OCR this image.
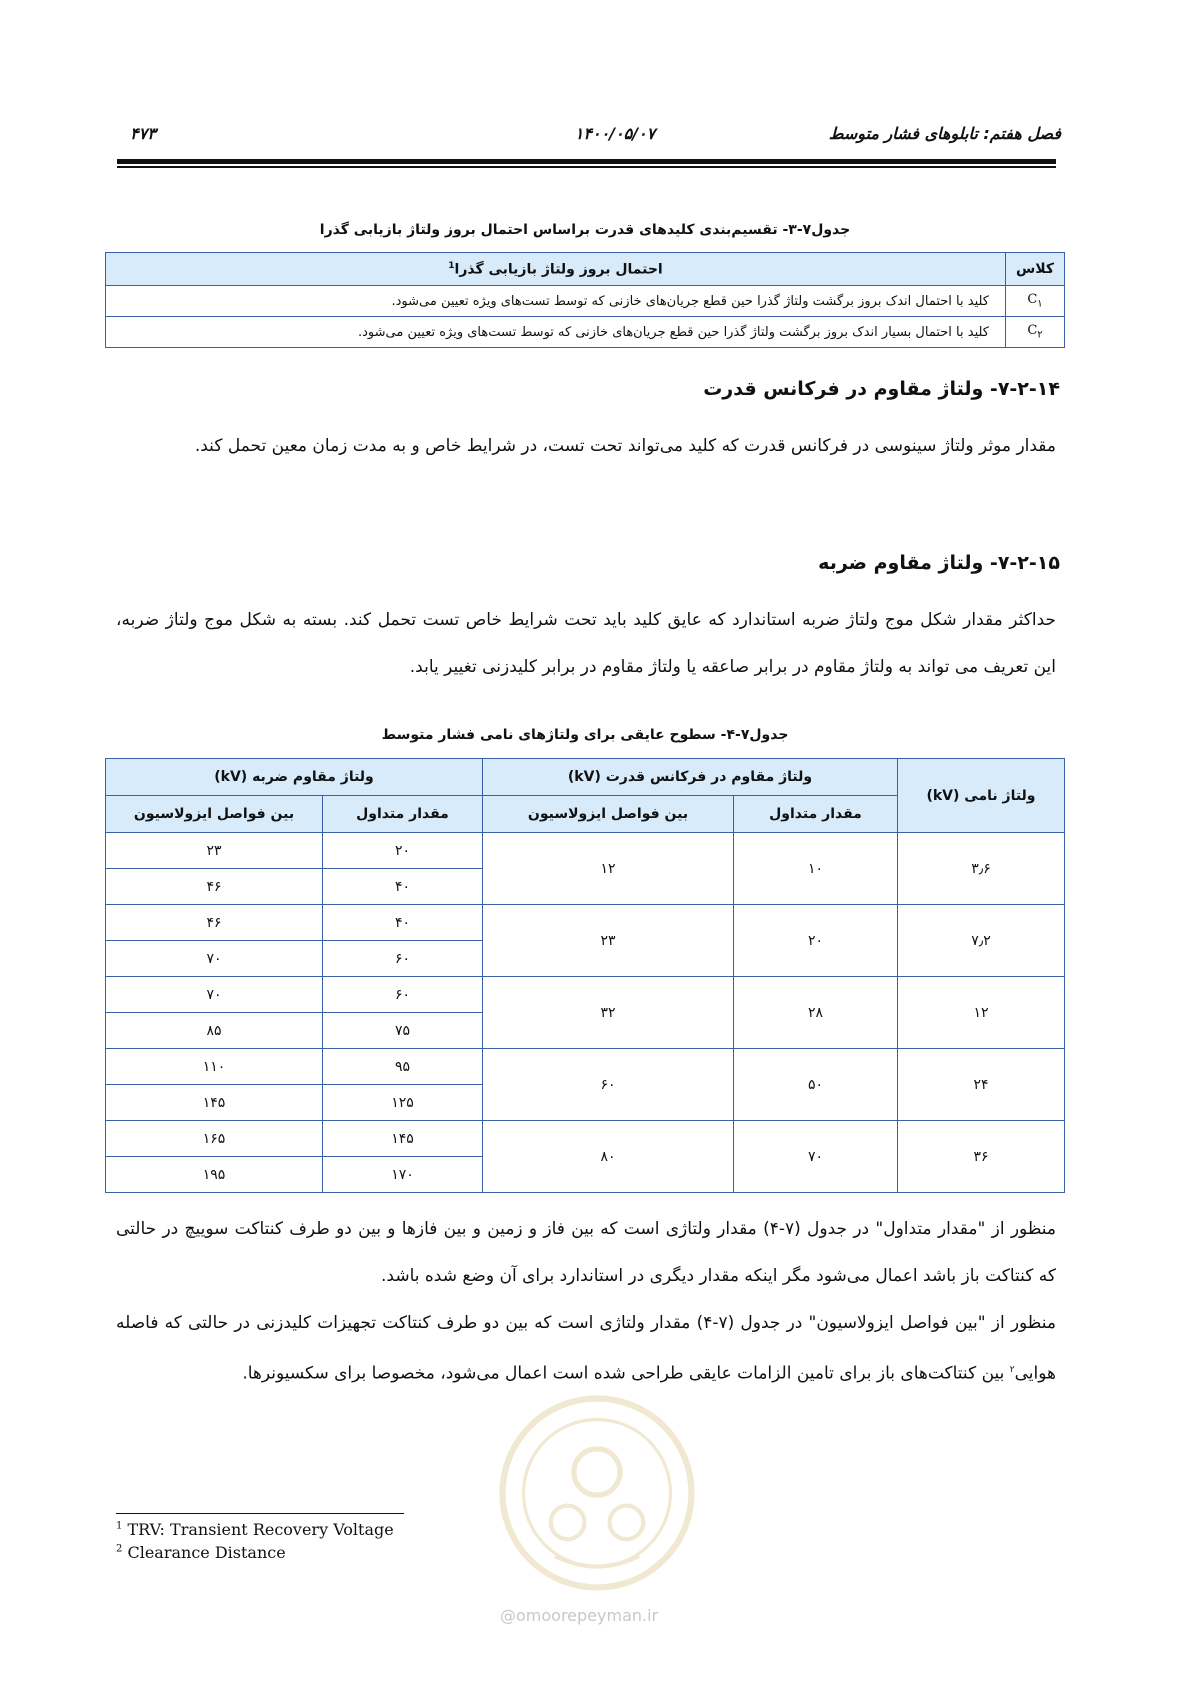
۴۷۳	۱۴۰۰/۰۵/۰۷	فصل هفتم: تابلوهای فشار متوسط
جدول۷-۳- تقسیم‌بندی کلیدهای قدرت براساس احتمال بروز ولتاژ بازیابی گذرا
کلاس	احتمال بروز ولتاژ بازیابی گذرا$^1$
$C_۱$	کلید با احتمال اندک بروز برگشت ولتاژ گذرا حین قطع جریان‌های خازنی که توسط تست‌های ویژه تعیین می‌شود.
$C_۲$	کلید با احتمال بسیار اندک بروز برگشت ولتاژ گذرا حین قطع جریان‌های خازنی که توسط تست‌های ویژه تعیین می‌شود.
۷-۲-۱۴- ولتاژ مقاوم در فرکانس قدرت
مقدار موثر ولتاژ سینوسی در فرکانس قدرت که کلید می‌تواند تحت تست، در شرایط خاص و به مدت زمان معین تحمل کند.
۷-۲-۱۵- ولتاژ مقاوم ضربه
حداکثر مقدار شکل موج ولتاژ ضربه استاندارد که عایق کلید باید تحت شرایط خاص تست تحمل کند. بسته به شکل موج ولتاژ ضربه، این تعریف می تواند به ولتاژ مقاوم در برابر صاعقه یا ولتاژ مقاوم در برابر کلیدزنی تغییر یابد.
جدول۷-۴- سطوح عایقی برای ولتاژهای نامی فشار متوسط
ولتاژ نامی (kV)	ولتاژ مقاوم در فرکانس قدرت (kV)		ولتاژ مقاوم ضربه (kV)	
	مقدار متداول	بین فواصل ایزولاسیون	مقدار متداول	بین فواصل ایزولاسیون
۳٫۶	۱۰	۱۲	۲۰	۲۳
			۴۰	۴۶
۷٫۲	۲۰	۲۳	۴۰	۴۶
			۶۰	۷۰
۱۲	۲۸	۳۲	۶۰	۷۰
			۷۵	۸۵
۲۴	۵۰	۶۰	۹۵	۱۱۰
			۱۲۵	۱۴۵
۳۶	۷۰	۸۰	۱۴۵	۱۶۵
			۱۷۰	۱۹۵
منظور از "مقدار متداول" در جدول (۷-۴) مقدار ولتاژی است که بین فاز و زمین و بین فازها و بین دو طرف کنتاکت سوییچ در حالتی که کنتاکت باز باشد اعمال می‌شود مگر اینکه مقدار دیگری در استاندارد برای آن وضع شده باشد.
منظور از "بین فواصل ایزولاسیون" در جدول (۷-۴) مقدار ولتاژی است که بین دو طرف کنتاکت تجهیزات کلیدزنی در حالتی که فاصله هوایی$^۲$ بین کنتاکت‌های باز برای تامین الزامات عایقی طراحی شده است اعمال می‌شود، مخصوصا برای سکسیونرها.
@omoorepeyman.ir
$^1$ TRV: Transient Recovery Voltage
$^2$ Clearance Distance
